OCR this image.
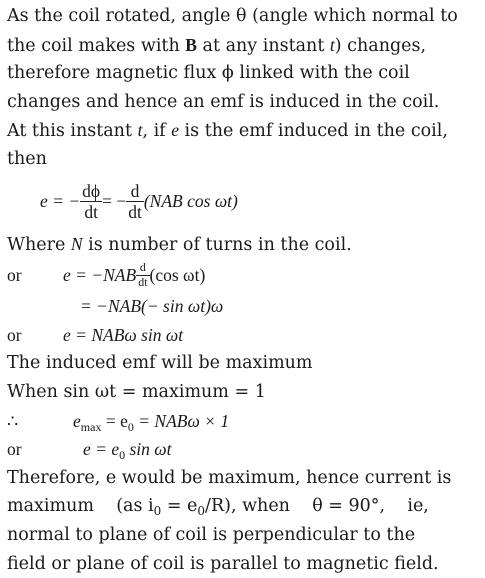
As the coil rotated, angle θ (angle which normal to
the coil makes with B at any instant t) changes,
therefore magnetic flux ϕ linked with the coil
changes and hence an emf is induced in the coil.
At this instant t, if e is the emf induced in the coil,
then
e = − $\frac{d\phi}{dt}$ = − $\frac{d}{dt} (NAB$ cos ωt)
Where N is number of turns in the coil.
or	$e = -NAB \frac{d}{dt} (\cos$ ωt)
= −NAB(− sin ωt)ω
or e = NABω sin ωt
The induced emf will be maximum
When sin ωt = maximum = 1
∴	$e_{max} = e_0 = NAB\omega \times 1$
or	$e = e_0$ sin ωt
Therefore, e would be maximum, hence current is
maximum    (as $i_0 = e_0/R$), when    θ = 90°,    ie,
normal to plane of coil is perpendicular to the
field or plane of coil is parallel to magnetic field.
